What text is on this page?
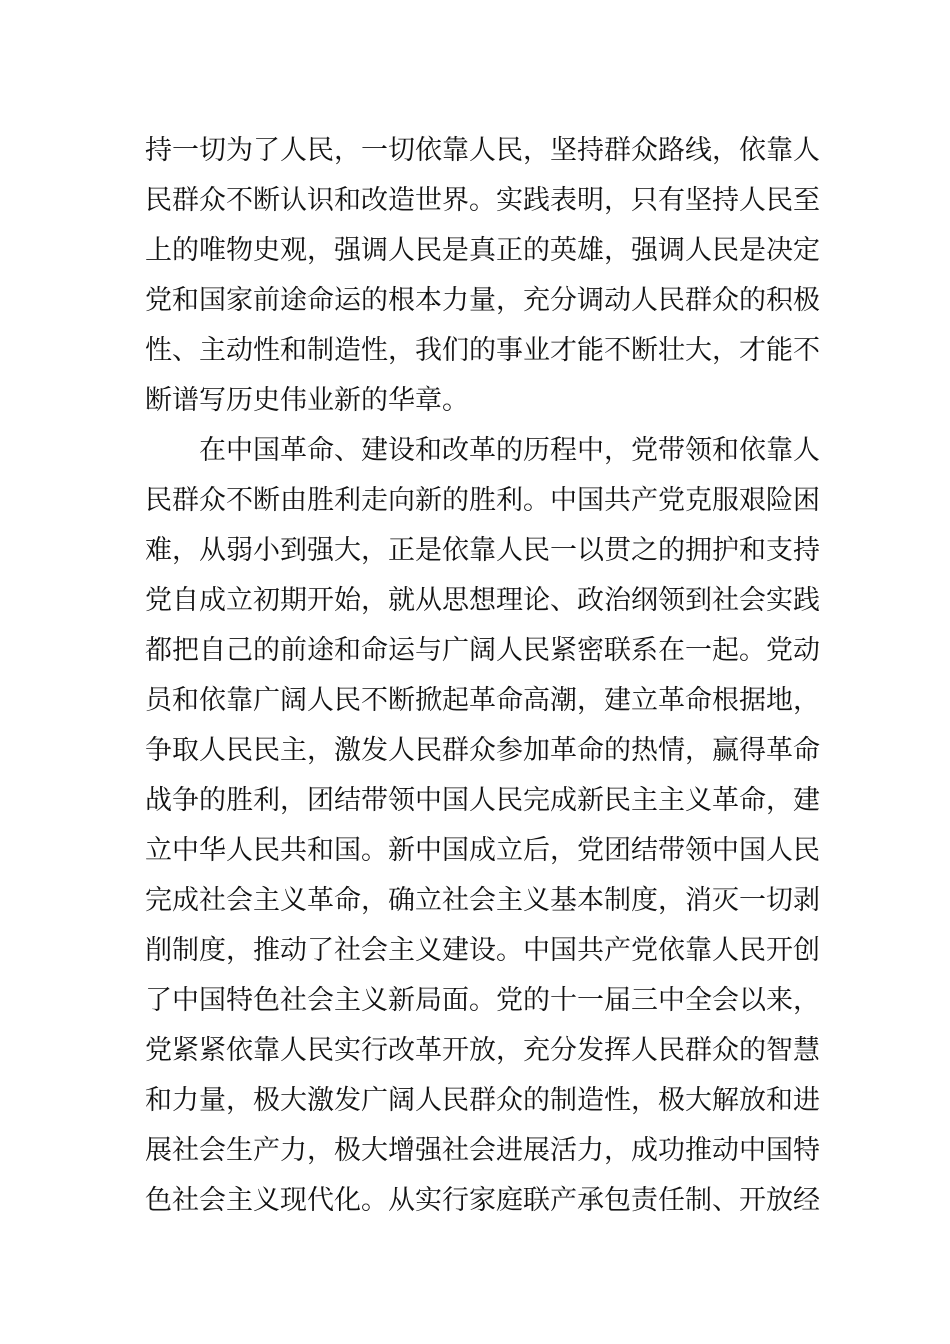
持一切为了人民，一切依靠人民，坚持群众路线，依靠人
民群众不断认识和改造世界。实践表明，只有坚持人民至
上的唯物史观，强调人民是真正的英雄，强调人民是决定
党和国家前途命运的根本力量，充分调动人民群众的积极
性、主动性和制造性，我们的事业才能不断壮大，才能不
断谱写历史伟业新的华章。
在中国革命、建设和改革的历程中，党带领和依靠人
民群众不断由胜利走向新的胜利。中国共产党克服艰险困
难，从弱小到强大，正是依靠人民一以贯之的拥护和支持
党自成立初期开始，就从思想理论、政治纲领到社会实践
都把自己的前途和命运与广阔人民紧密联系在一起。党动
员和依靠广阔人民不断掀起革命高潮，建立革命根据地，
争取人民民主，激发人民群众参加革命的热情，赢得革命
战争的胜利，团结带领中国人民完成新民主主义革命，建
立中华人民共和国。新中国成立后，党团结带领中国人民
完成社会主义革命，确立社会主义基本制度，消灭一切剥
削制度，推动了社会主义建设。中国共产党依靠人民开创
了中国特色社会主义新局面。党的十一届三中全会以来，
党紧紧依靠人民实行改革开放，充分发挥人民群众的智慧
和力量，极大激发广阔人民群众的制造性，极大解放和进
展社会生产力，极大增强社会进展活力，成功推动中国特
色社会主义现代化。从实行家庭联产承包责任制、开放经
